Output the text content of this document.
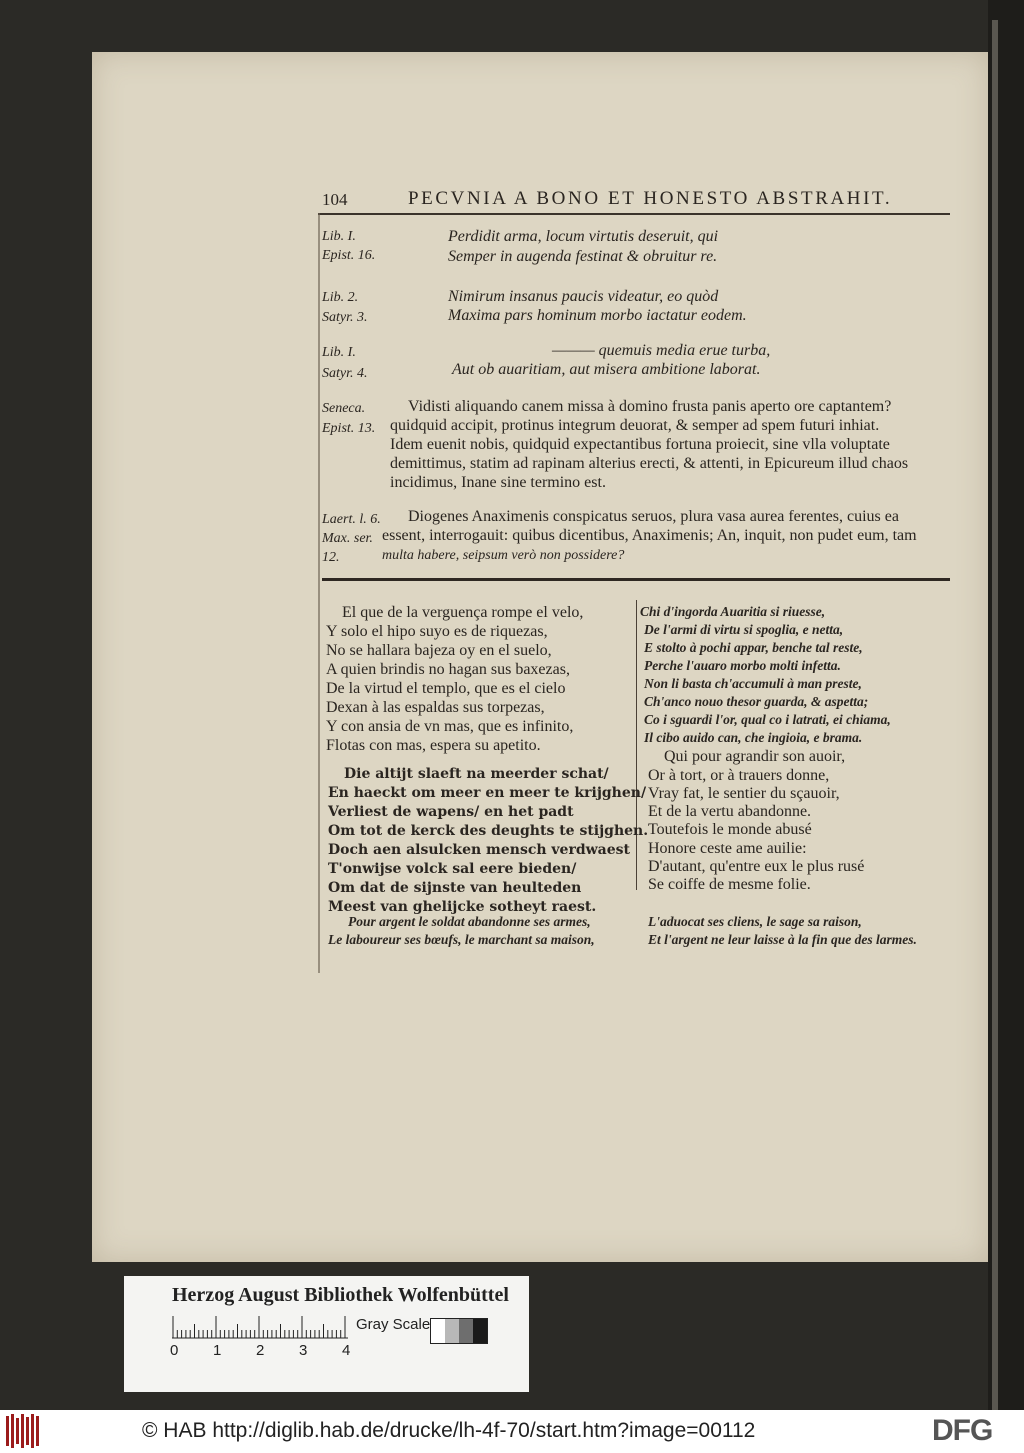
104	PECVNIA A BONO ET HONESTO ABSTRAHIT.
Lib. I.
Epist. 16.
Perdidit arma, locum virtutis deseruit, qui
Semper in augenda festinat & obruitur re.
Lib. 2.
Satyr. 3.
Nimirum insanus paucis videatur, eo quòd
Maxima pars hominum morbo iactatur eodem.
Lib. I.
Satyr. 4.
——— quemuis media erue turba,
Aut ob auaritiam, aut misera ambitione laborat.
Seneca.
Epist. 13.
Vidisti aliquando canem missa à domino frusta panis aperto ore captantem?
quidquid accipit, protinus integrum deuorat, & semper ad spem futuri inhiat.
Idem euenit nobis, quidquid expectantibus fortuna proiecit, sine vlla voluptate
demittimus, statim ad rapinam alterius erecti, & attenti, in Epicureum illud chaos
incidimus, Inane sine termino est.
Laert. l. 6.
Max. ser.
12.
Diogenes Anaximenis conspicatus seruos, plura vasa aurea ferentes, cuius ea
essent, interrogauit: quibus dicentibus, Anaximenis; An, inquit, non pudet eum, tam
multa habere, seipsum verò non possidere?
El que de la verguença rompe el velo,
Y solo el hipo suyo es de riquezas,
No se hallara bajeza oy en el suelo,
A quien brindis no hagan sus baxezas,
De la virtud el templo, que es el cielo
Dexan à las espaldas sus torpezas,
Y con ansia de vn mas, que es infinito,
Flotas con mas, espera su apetito.
Die altijt slaeft na meerder schat/
En haeckt om meer en meer te krijghen/
Verliest de wapens/ en het padt
Om tot de kerck des deughts te stijghen.
Doch aen alsulcken mensch verdwaest
T'onwijse volck sal eere bieden/
Om dat de sijnste van heulteden
Meest van ghelijcke sotheyt raest.
Chi d'ingorda Auaritia si riuesse,
De l'armi di virtu si spoglia, e netta,
E stolto à pochi appar, benche tal reste,
Perche l'auaro morbo molti infetta.
Non li basta ch'accumuli à man preste,
Ch'anco nouo thesor guarda, & aspetta;
Co i sguardi l'or, qual co i latrati, ei chiama,
Il cibo auido can, che ingioia, e brama.
Qui pour agrandir son auoir,
Or à tort, or à trauers donne,
Vray fat, le sentier du sçauoir,
Et de la vertu abandonne.
Toutefois le monde abusé
Honore ceste ame auilie:
D'autant, qu'entre eux le plus rusé
Se coiffe de mesme folie.
Pour argent le soldat abandonne ses armes,
Le laboureur ses bœufs, le marchant sa maison,
L'aduocat ses cliens, le sage sa raison,
Et l'argent ne leur laisse à la fin que des larmes.
Herzog August Bibliothek Wolfenbüttel
Gray Scale
0 1 2 3 4
© HAB http://diglib.hab.de/drucke/lh-4f-70/start.htm?image=00112	DFG
